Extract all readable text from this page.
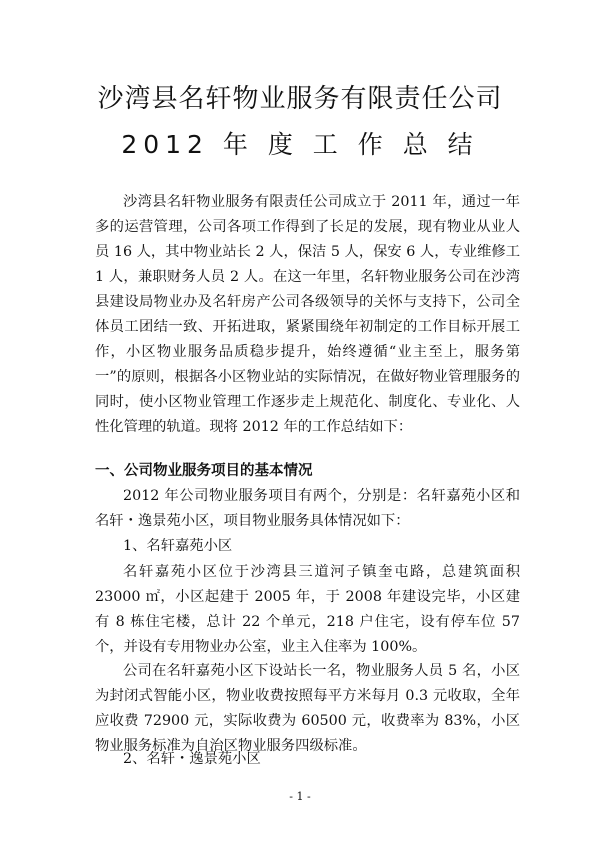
沙湾县名轩物业服务有限责任公司
2012 年 度 工 作 总 结

沙湾县名轩物业服务有限责任公司成立于 2011 年，通过一年多的运营管理，公司各项工作得到了长足的发展，现有物业从业人员 16 人，其中物业站长 2 人，保洁 5 人，保安 6 人，专业维修工 1 人，兼职财务人员 2 人。在这一年里，名轩物业服务公司在沙湾县建设局物业办及名轩房产公司各级领导的关怀与支持下，公司全体员工团结一致、开拓进取，紧紧围绕年初制定的工作目标开展工作，小区物业服务品质稳步提升，始终遵循“业主至上，服务第一”的原则，根据各小区物业站的实际情况，在做好物业管理服务的同时，使小区物业管理工作逐步走上规范化、制度化、专业化、人性化管理的轨道。现将 2012 年的工作总结如下：

一、公司物业服务项目的基本情况

2012 年公司物业服务项目有两个，分别是：名轩嘉苑小区和名轩・逸景苑小区，项目物业服务具体情况如下：

1、名轩嘉苑小区

名轩嘉苑小区位于沙湾县三道河子镇奎屯路，总建筑面积 23000 ㎡，小区起建于 2005 年，于 2008 年建设完毕，小区建有 8 栋住宅楼，总计 22 个单元，218 户住宅，设有停车位 57 个，并设有专用物业办公室，业主入住率为 100%。

公司在名轩嘉苑小区下设站长一名，物业服务人员 5 名，小区为封闭式智能小区，物业收费按照每平方米每月 0.3 元收取，全年应收费 72900 元，实际收费为 60500 元，收费率为 83%，小区物业服务标准为自治区物业服务四级标准。

2、名轩・逸景苑小区

- 1 -
